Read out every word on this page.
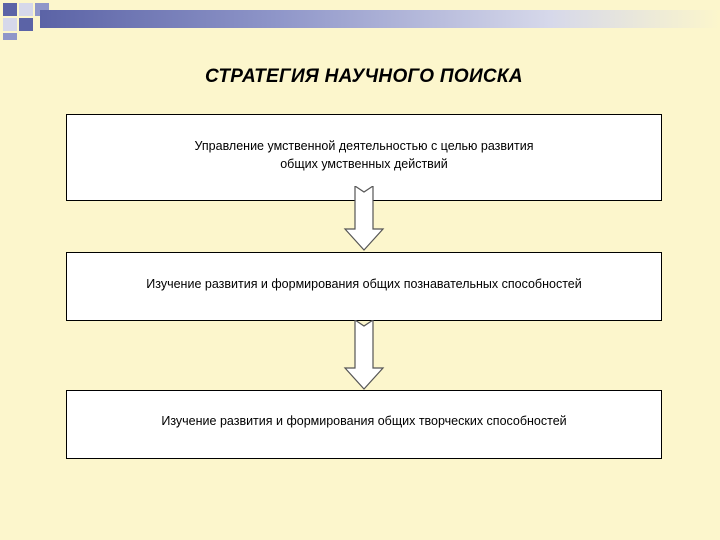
СТРАТЕГИЯ НАУЧНОГО ПОИСКА
Управление умственной деятельностью с целью развития
общих умственных действий
Изучение развития и формирования общих познавательных способностей
Изучение развития и формирования общих творческих способностей
